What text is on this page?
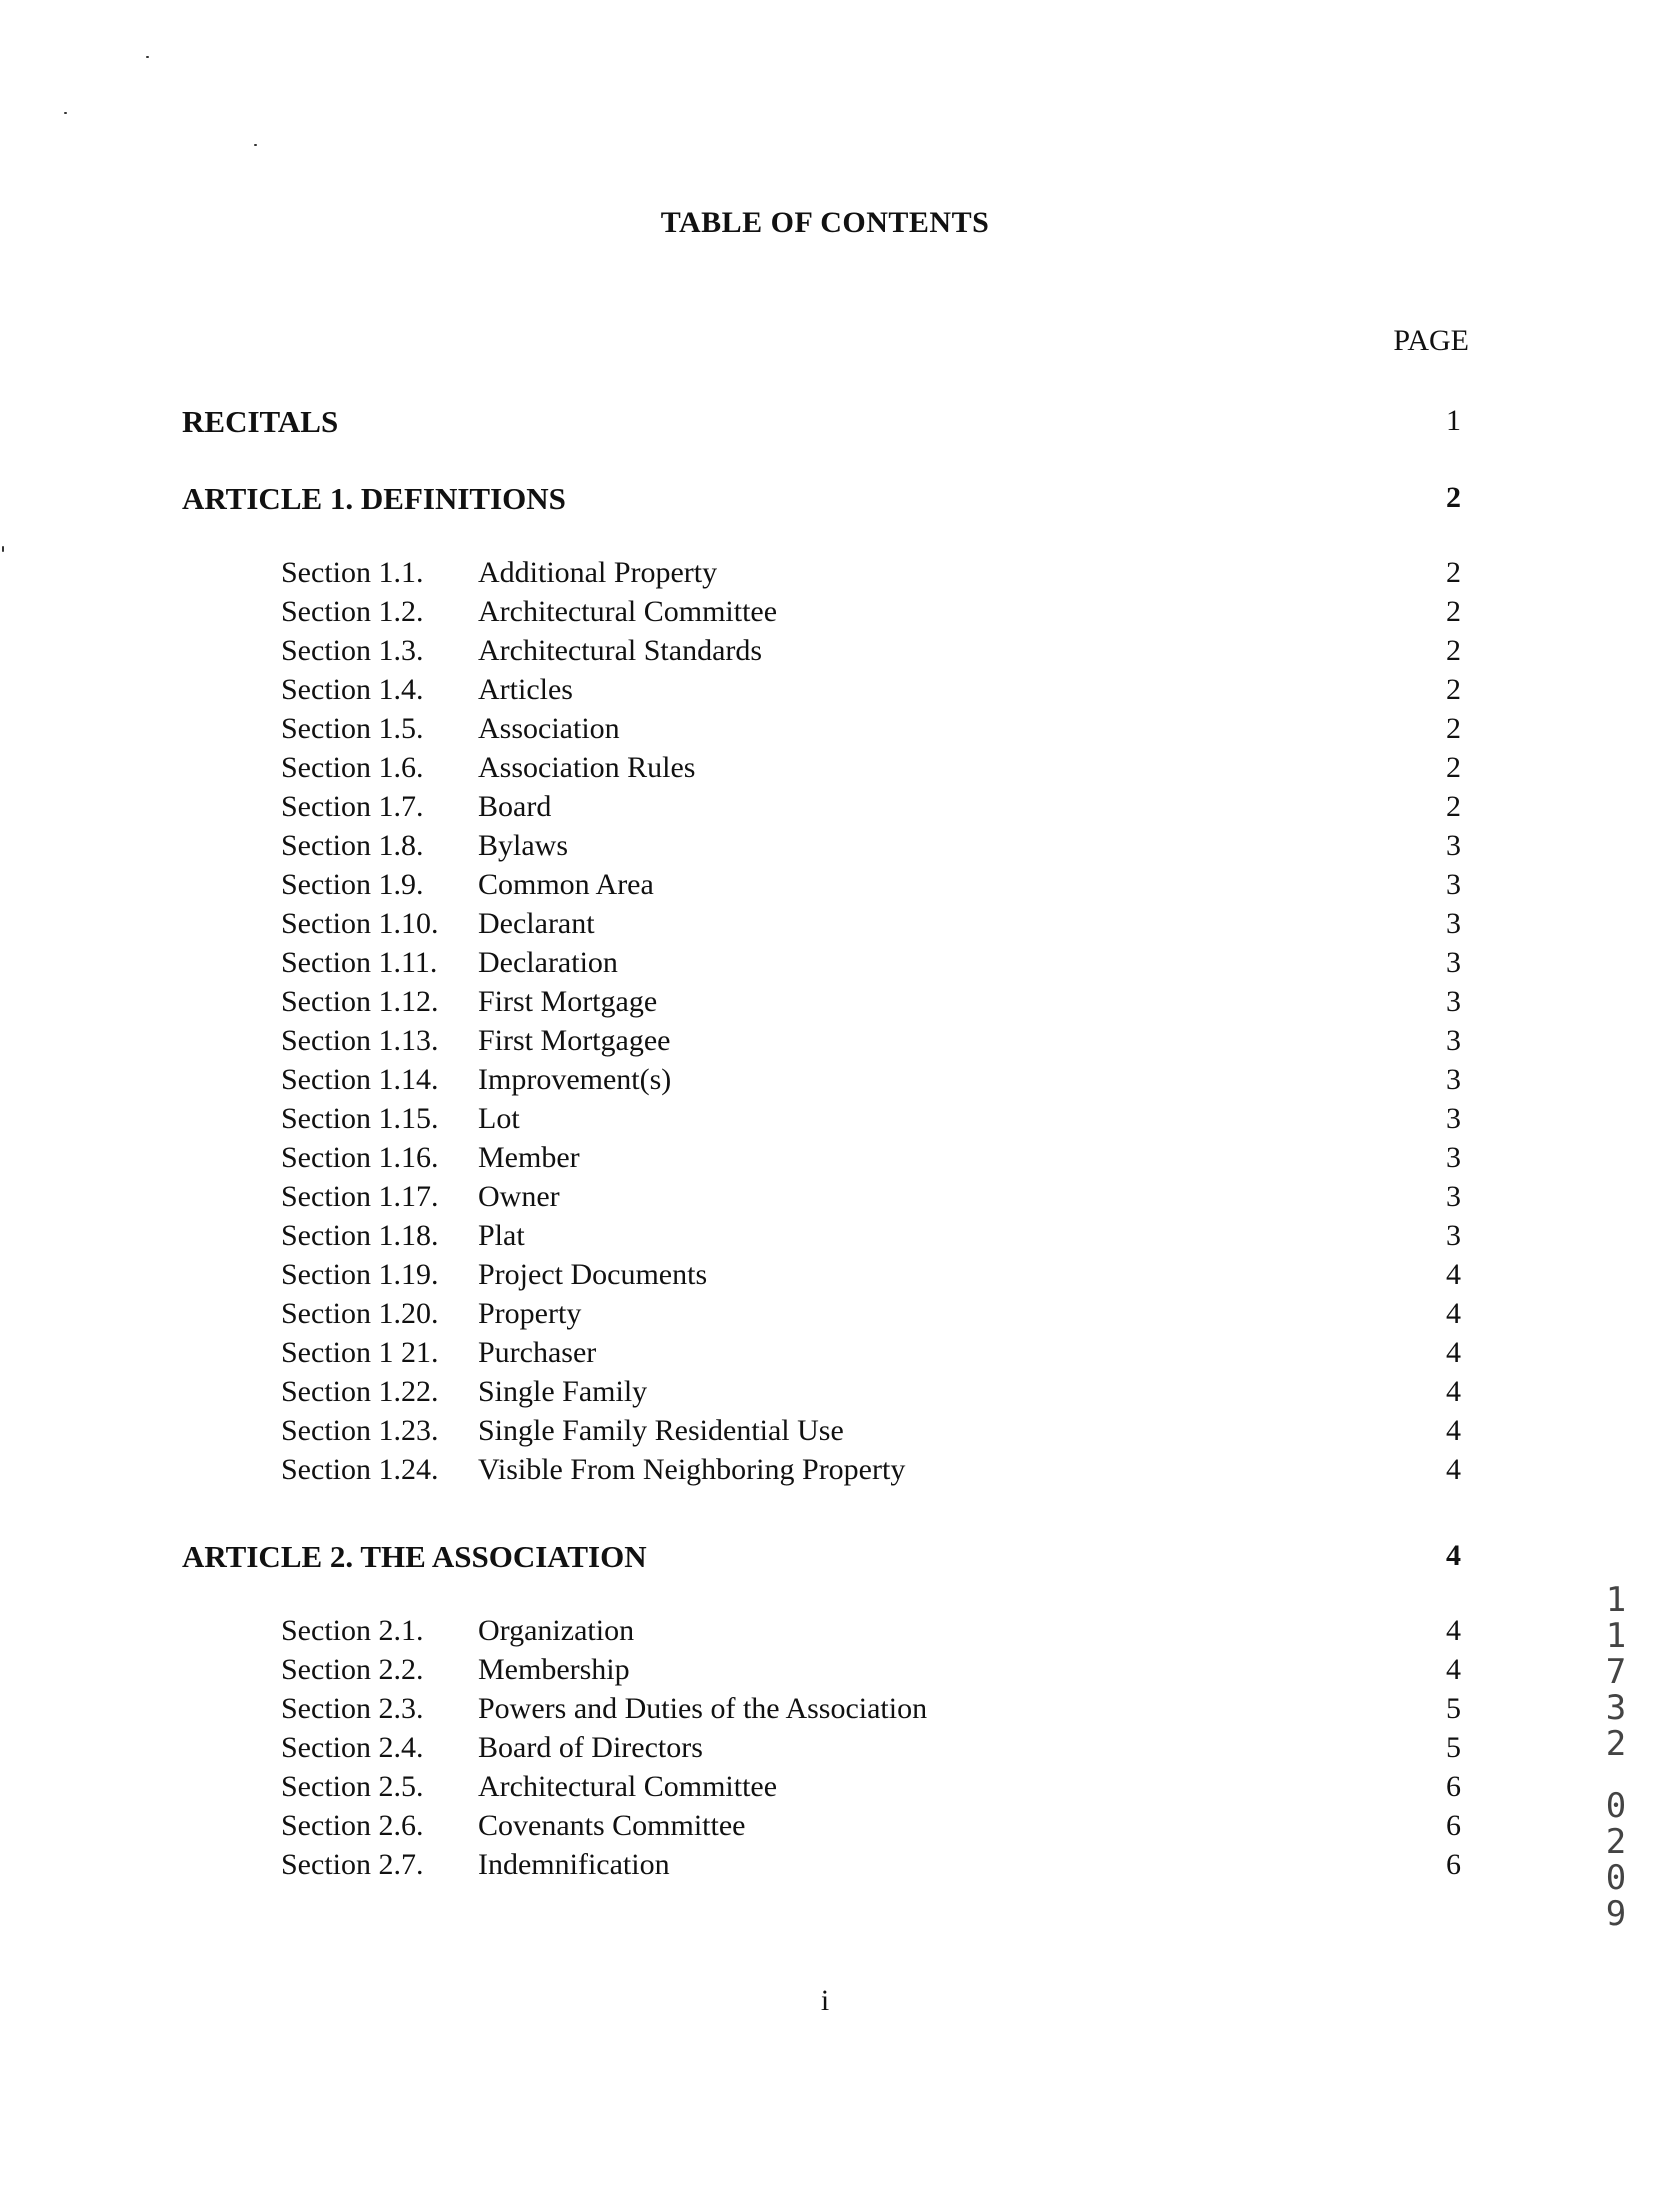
TABLE OF CONTENTS
PAGE
RECITALS	1
ARTICLE 1. DEFINITIONS	2
Section 1.1. Additional Property	2
Section 1.2. Architectural Committee	2
Section 1.3. Architectural Standards	2
Section 1.4. Articles	2
Section 1.5. Association	2
Section 1.6. Association Rules	2
Section 1.7. Board	2
Section 1.8. Bylaws	3
Section 1.9. Common Area	3
Section 1.10. Declarant	3
Section 1.11. Declaration	3
Section 1.12. First Mortgage	3
Section 1.13. First Mortgagee	3
Section 1.14. Improvement(s)	3
Section 1.15. Lot	3
Section 1.16. Member	3
Section 1.17. Owner	3
Section 1.18. Plat	3
Section 1.19. Project Documents	4
Section 1.20. Property	4
Section 1 21. Purchaser	4
Section 1.22. Single Family	4
Section 1.23. Single Family Residential Use	4
Section 1.24. Visible From Neighboring Property	4
ARTICLE 2. THE ASSOCIATION	4
Section 2.1. Organization	4
Section 2.2. Membership	4
Section 2.3. Powers and Duties of the Association	5
Section 2.4. Board of Directors	5
Section 2.5. Architectural Committee	6
Section 2.6. Covenants Committee	6
Section 2.7. Indemnification	6
i
1
1
7
3
2
0
2
0
9
